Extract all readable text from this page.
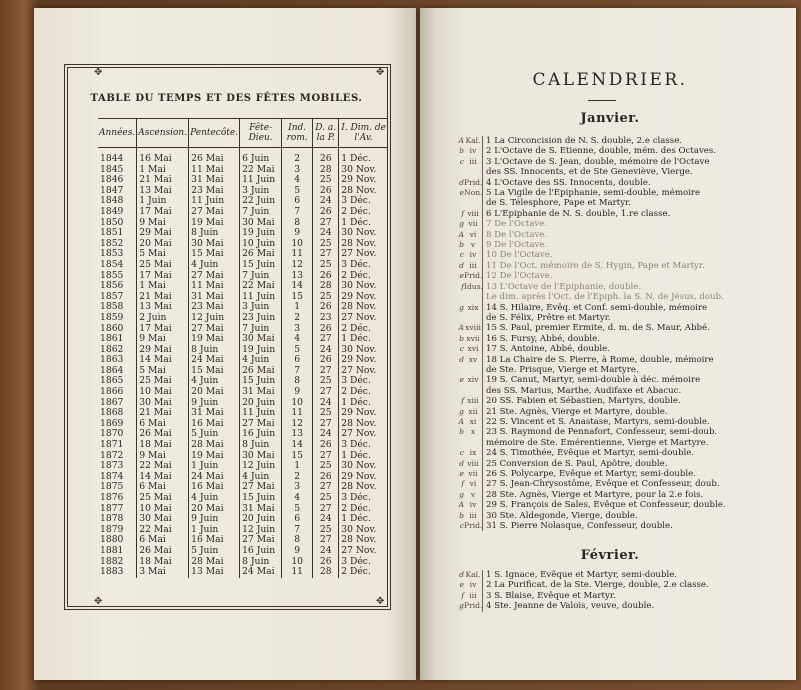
✥	✥
✥	✥
TABLE DU TEMPS ET DES FÊTES MOBILES.
Années.	Ascension.	Pentecôte.	Fête-Dieu.	Ind. rom.	D. a. la P.	I. Dim. de l'Av.
1844	16 Mai	26 Mai	6 Juin	2	26	1 Déc.
1845	1 Mai	11 Mai	22 Mai	3	28	30 Nov.
1846	21 Mai	31 Mai	11 Juin	4	25	29 Nov.
1847	13 Mai	23 Mai	3 Juin	5	26	28 Nov.
1848	1 Juin	11 Juin	22 Juin	6	24	3 Déc.
1849	17 Mai	27 Mai	7 Juin	7	26	2 Déc.
1850	9 Mai	19 Mai	30 Mai	8	27	1 Déc.
1851	29 Mai	8 Juin	19 Juin	9	24	30 Nov.
1852	20 Mai	30 Mai	10 Juin	10	25	28 Nov.
1853	5 Mai	15 Mai	26 Mai	11	27	27 Nov.
1854	25 Mai	4 Juin	15 Juin	12	25	3 Déc.
1855	17 Mai	27 Mai	7 Juin	13	26	2 Déc.
1856	1 Mai	11 Mai	22 Mai	14	28	30 Nov.
1857	21 Mai	31 Mai	11 Juin	15	25	29 Nov.
1858	13 Mai	23 Mai	3 Juin	1	26	28 Nov.
1859	2 Juin	12 Juin	23 Juin	2	23	27 Nov.
1860	17 Mai	27 Mai	7 Juin	3	26	2 Déc.
1861	9 Mai	19 Mai	30 Mai	4	27	1 Déc.
1862	29 Mai	8 Juin	19 Juin	5	24	30 Nov.
1863	14 Mai	24 Mai	4 Juin	6	26	29 Nov.
1864	5 Mai	15 Mai	26 Mai	7	27	27 Nov.
1865	25 Mai	4 Juin	15 Juin	8	25	3 Déc.
1866	10 Mai	20 Mai	31 Mai	9	27	2 Déc.
1867	30 Mai	9 Juin	20 Juin	10	24	1 Déc.
1868	21 Mai	31 Mai	11 Juin	11	25	29 Nov.
1869	6 Mai	16 Mai	27 Mai	12	27	28 Nov.
1870	26 Mai	5 Juin	16 Juin	13	24	27 Nov.
1871	18 Mai	28 Mai	8 Juin	14	26	3 Déc.
1872	9 Mai	19 Mai	30 Mai	15	27	1 Déc.
1873	22 Mai	1 Juin	12 Juin	1	25	30 Nov.
1874	14 Mai	24 Mai	4 Juin	2	26	29 Nov.
1875	6 Mai	16 Mai	27 Mai	3	27	28 Nov.
1876	25 Mai	4 Juin	15 Juin	4	25	3 Déc.
1877	10 Mai	20 Mai	31 Mai	5	27	2 Déc.
1878	30 Mai	9 Juin	20 Juin	6	24	1 Déc.
1879	22 Mai	1 Juin	12 Juin	7	25	30 Nov.
1880	6 Mai	16 Mai	27 Mai	8	27	28 Nov.
1881	26 Mai	5 Juin	16 Juin	9	24	27 Nov.
1882	18 Mai	28 Mai	8 Juin	10	26	3 Déc.
1883	3 Mai	13 Mai	24 Mai	11	28	2 Déc.
CALENDRIER.
Janvier.
A Kal. 1 La Circoncision de N. S. double, 2.e classe.
b iv	2 L'Octave de S. Étienne, double, mém. des Octaves.
c iii	3 L'Octave de S. Jean, double, mémoire de l'Octave
des SS. Innocents, et de Ste Geneviève, Vierge.
d Prid. 4 L'Octave des SS. Innocents, double.
e Non. 5 La Vigile de l'Épiphanie, semi-double, mémoire
de S. Télesphore, Pape et Martyr.
f viii 6 L'Épiphanie de N. S. double, 1.re classe.
g vii 7 De l'Octave.
A vi	8 De l'Octave.
b v	9 De l'Octave.
c iv	10 De l'Octave.
d iii	11 De l'Oct. mémoire de S. Hygin, Pape et Martyr.
e Prid. 12 De l'Octave.
f Idus. 13 L'Octave de l'Épiphanie, double.
Le dim. après l'Oct. de l'Épiph. la S. N. de Jésus, doub.
g xix 14 S. Hilaire, Évêq. et Conf. semi-double, mémoire
de S. Félix, Prêtre et Martyr.
A xviii 15 S. Paul, premier Ermite, d. m. de S. Maur, Abbé.
b xvii 16 S. Fursy, Abbé, double.
c xvi 17 S. Antoine, Abbé, double.
d xv	18 La Chaire de S. Pierre, à Rome, double, mémoire
de Ste. Prisque, Vierge et Martyre.
e xiv 19 S. Canut, Martyr, semi-double à déc. mémoire
des SS. Marius, Marthe, Audifaxe et Abacuc.
f xiii 20 SS. Fabien et Sébastien, Martyrs, double.
g xii 21 Ste. Agnès, Vierge et Martyre, double.
A xi	22 S. Vincent et S. Anastase, Martyrs, semi-double.
b x	23 S. Raymond de Pennafort, Confesseur, semi-doub.
mémoire de Ste. Émérentienne, Vierge et Martyre.
c ix	24 S. Timothée, Évêque et Martyr, semi-double.
d viii 25 Conversion de S. Paul, Apôtre, double.
e vii 26 S. Polycarpe, Évêque et Martyr, semi-double.
f vi	27 S. Jean-Chrysostôme, Évêque et Confesseur, doub.
g v	28 Ste. Agnès, Vierge et Martyre, pour la 2.e fois.
A iv	29 S. François de Sales, Évêque et Confesseur, double.
b iii	30 Ste. Aldegonde, Vierge, double.
c Prid. 31 S. Pierre Nolasque, Confesseur, double.
Février.
d Kal. 1 S. Ignace, Évêque et Martyr, semi-double.
e iv	2 La Purificat. de la Ste. Vierge, double, 2.e classe.
f iii	3 S. Blaise, Évêque et Martyr.
g Prid. 4 Ste. Jeanne de Valois, veuve, double.
